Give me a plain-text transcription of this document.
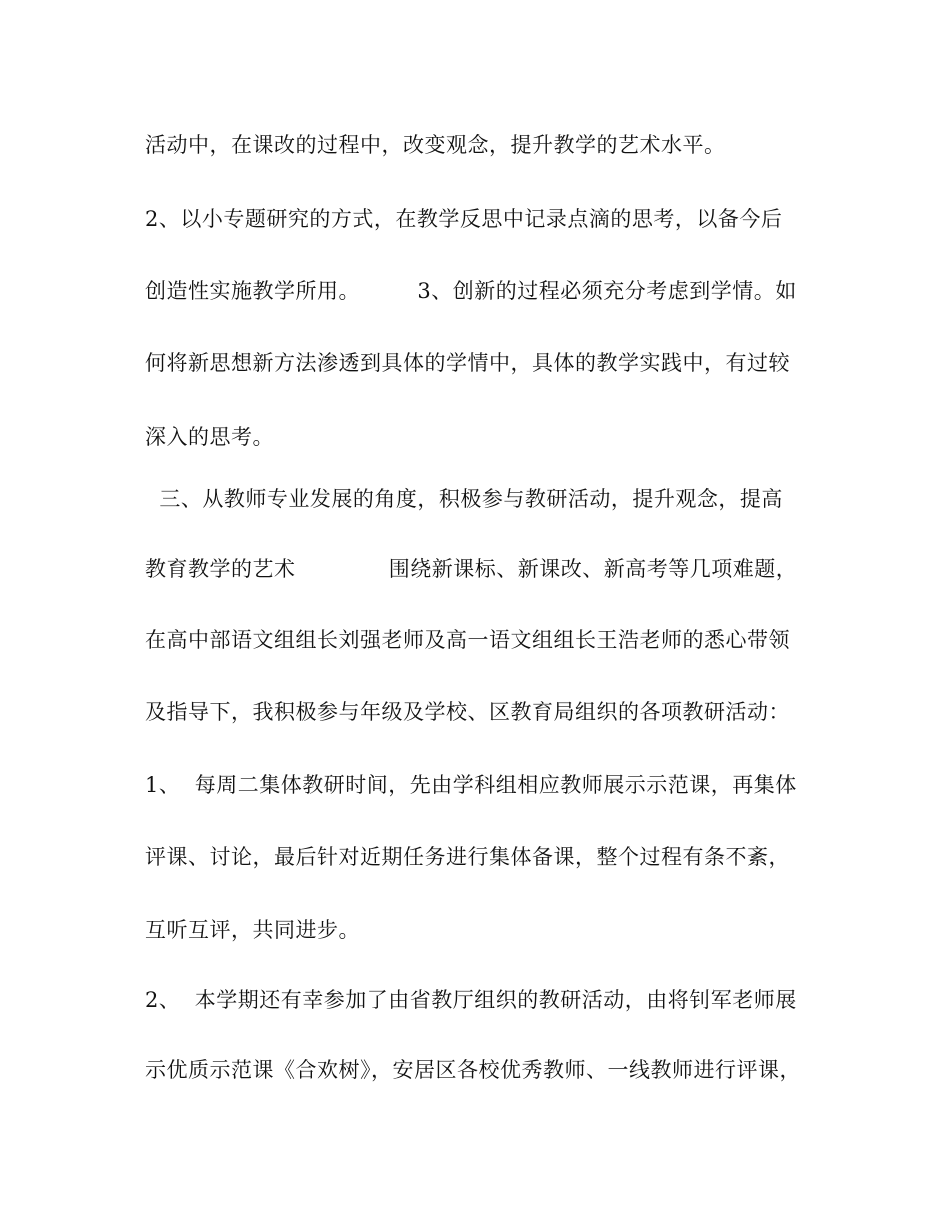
活动中，在课改的过程中，改变观念，提升教学的艺术水平。
2、以小专题研究的方式，在教学反思中记录点滴的思考，以备今后
创造性实施教学所用。        3、创新的过程必须充分考虑到学情。如
何将新思想新方法渗透到具体的学情中，具体的教学实践中，有过较
深入的思考。
三、从教师专业发展的角度，积极参与教研活动，提升观念，提高
教育教学的艺术             围绕新课标、新课改、新高考等几项难题，
在高中部语文组组长刘强老师及高一语文组组长王浩老师的悉心带领
及指导下，我积极参与年级及学校、区教育局组织的各项教研活动：
1、  每周二集体教研时间，先由学科组相应教师展示示范课，再集体
评课、讨论，最后针对近期任务进行集体备课，整个过程有条不紊，
互听互评，共同进步。
2、  本学期还有幸参加了由省教厅组织的教研活动，由将钊军老师展
示优质示范课《合欢树》，安居区各校优秀教师、一线教师进行评课，
